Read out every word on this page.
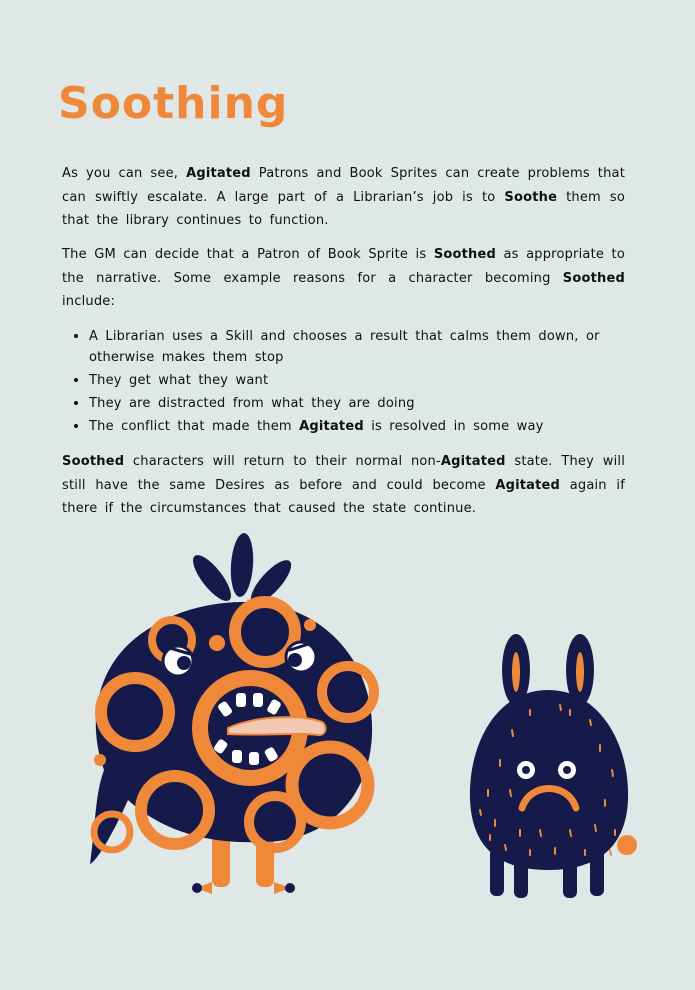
Soothing

As you can see, Agitated Patrons and Book Sprites can create problems that can swiftly escalate. A large part of a Librarian’s job is to Soothe them so that the library continues to function.

The GM can decide that a Patron of Book Sprite is Soothed as appropriate to the narrative. Some example reasons for a character becoming Soothed include:

• A Librarian uses a Skill and chooses a result that calms them down, or otherwise makes them stop
• They get what they want
• They are distracted from what they are doing
• The conflict that made them Agitated is resolved in some way

Soothed characters will return to their normal non-Agitated state. They will still have the same Desires as before and could become Agitated again if there if the circumstances that caused the state continue.
